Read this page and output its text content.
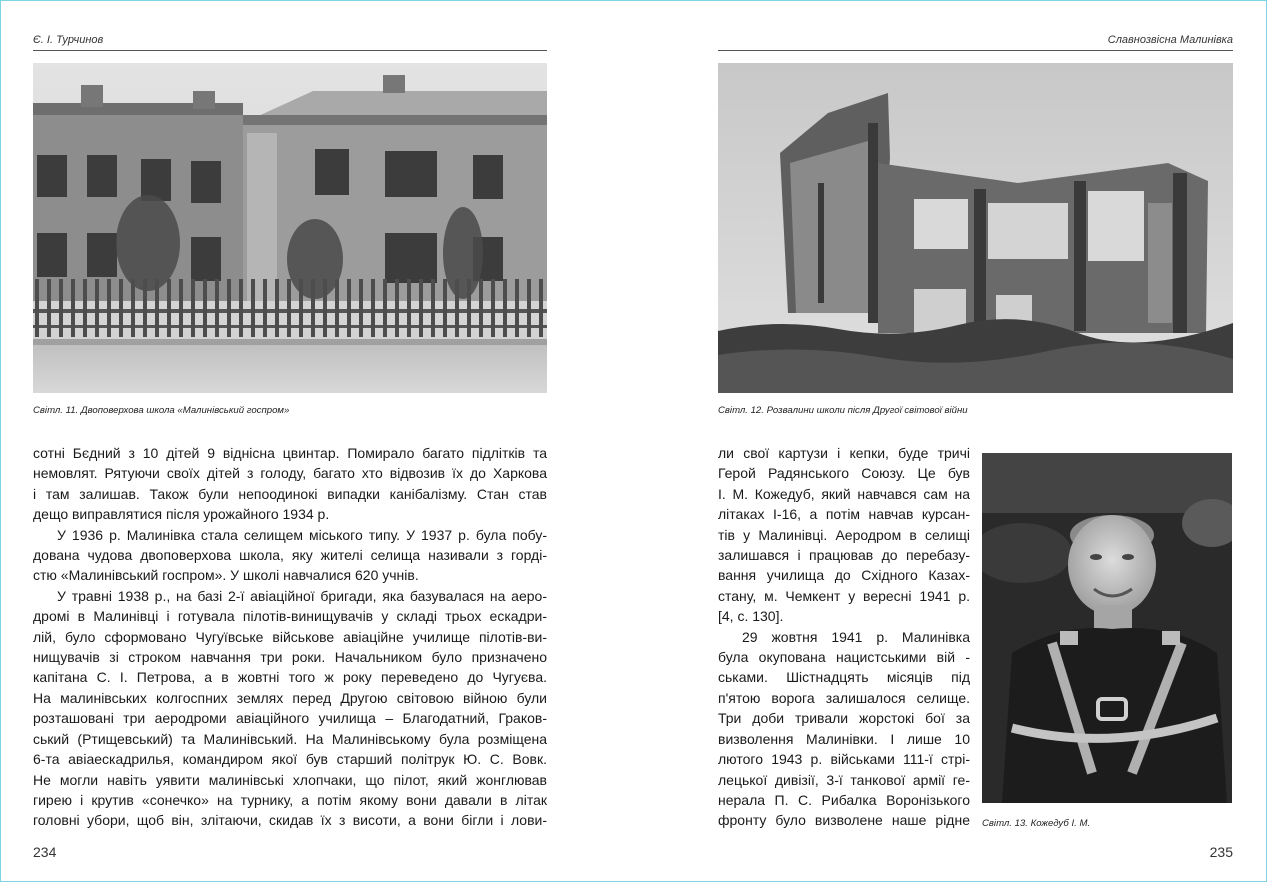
Є. І. Турчинов
Світл. 11. Двоповерхова школа «Малинівський госпром»

сотні Бєдний з 10 дітей 9 віднісна цвинтар. Помирало багато підлітків та
немовлят. Рятуючи своїх дітей з голоду, багато хто відвозив їх до Харкова
і там залишав. Також були непоодинокі випадки канібалізму. Стан став
дещо виправлятися після урожайного 1934 р.

У 1936 р. Малинівка стала селищем міського типу. У 1937 р. була побу-
дована чудова двоповерхова школа, яку жителі селища називали з горді-
стю «Малинівський госпром». У школі навчалися 620 учнів.

У травні 1938 р., на базі 2-ї авіаційної бригади, яка базувалася на аеро-
дромі в Малинівці і готувала пілотів-винищувачів у складі трьох ескадри-
лій, було сформовано Чугуївське військове авіаційне училище пілотів-ви-
нищувачів зі строком навчання три роки. Начальником було призначено
капітана С. І. Петрова, а в жовтні того ж року переведено до Чугуєва.
На малинівських колгоспних землях перед Другою світовою війною були
розташовані три аеродроми авіаційного училища – Благодатний, Граков-
ський (Ртищевський) та Малинівський. На Малинівському була розміщена
6-та авіаескадрилья, командиром якої був старший політрук Ю. С. Вовк.
Не могли навіть уявити малинівські хлопчаки, що пілот, який жонглював
гирею і крутив «сонечко» на турнику, а потім якому вони давали в літак
головні убори, щоб він, злітаючи, скидав їх з висоти, а вони бігли і лови-

234
Славнозвісна Малинівка
Світл. 12. Розвалини школи після Другої світової війни

ли свої картузи і кепки, буде тричі
Герой Радянського Союзу. Це був
І. М. Кожедуб, який навчався сам на
літаках І-16, а потім навчав курсан-
тів у Малинівці. Аеродром в селищі
залишався і працював до перебазу-
вання училища до Східного Казах-
стану, м. Чемкент у вересні 1941 р.
[4, с. 130].

29 жовтня 1941 р. Малинівка
була окупована нацистськими вій -
ськами. Шістнадцять місяців під
п'ятою ворога залишалося селище.
Три доби тривали жорстокі бої за
визволення Малинівки. І лише 10
лютого 1943 р. військами 111-ї стрі-
лецької дивізії, 3-ї танкової армії ге-
нерала П. С. Рибалка Воронізького
фронту було визволене наше рідне Світл. 13. Кожедуб І. М.
235
